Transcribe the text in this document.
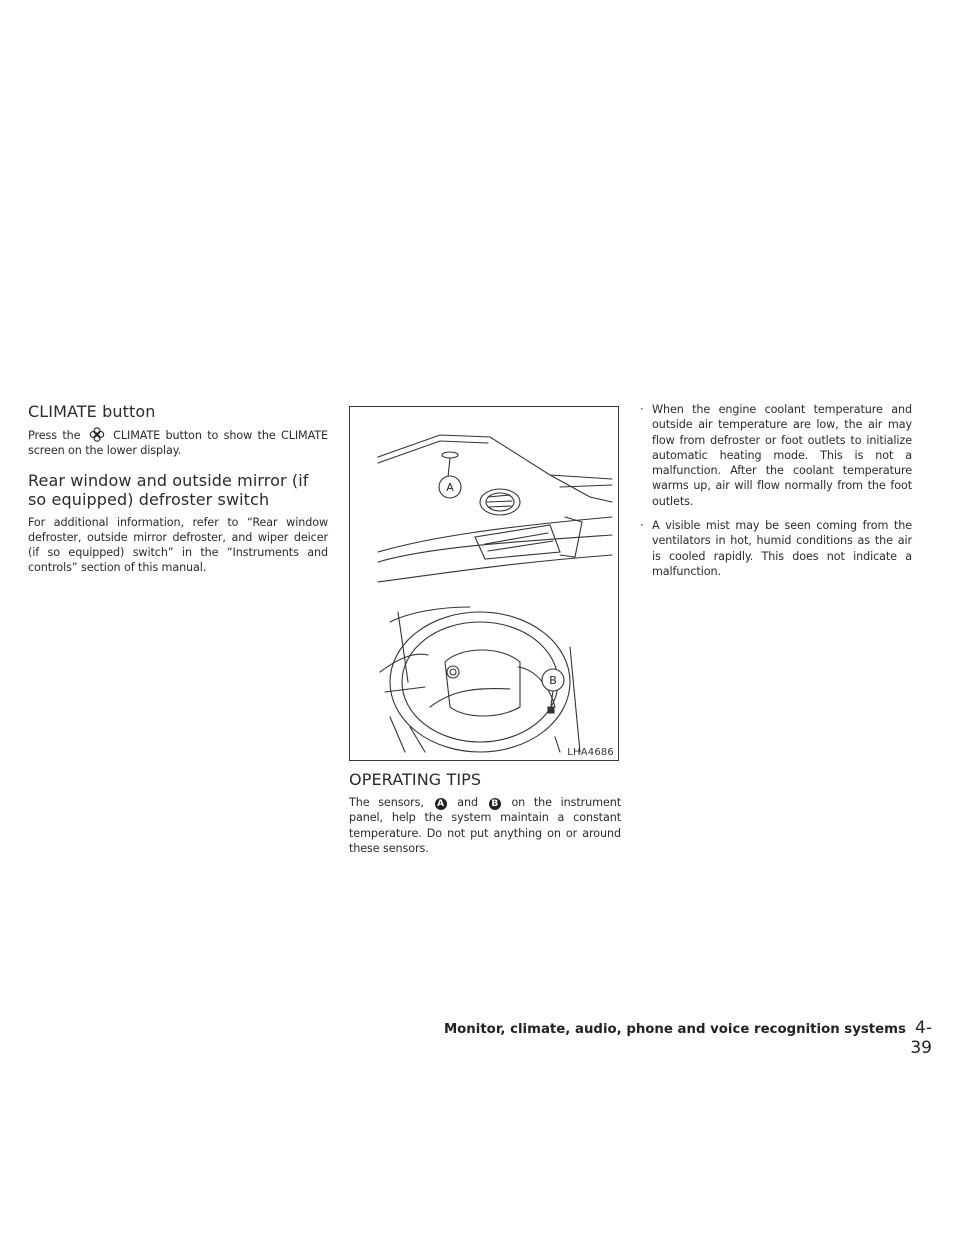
CLIMATE button

Press the	CLIMATE button to show the CLIMATE screen on the lower display.

Rear window and outside mirror (if so equipped) defroster switch

For additional information, refer to “Rear window defroster, outside mirror defroster, and wiper deicer (if so equipped) switch” in the “Instruments and controls” section of this manual.

A
B
LHA4686
OPERATING TIPS

The sensors, A and B on the instrument panel, help the system maintain a constant temperature. Do not put anything on or around these sensors.

· When the engine coolant temperature and outside air temperature are low, the air may flow from defroster or foot outlets to initialize automatic heating mode. This is not a malfunction. After the coolant temperature warms up, air will flow normally from the foot outlets.
· A visible mist may be seen coming from the ventilators in hot, humid conditions as the air is cooled rapidly. This does not indicate a malfunction.
Monitor, climate, audio, phone and voice recognition systems 4-39
